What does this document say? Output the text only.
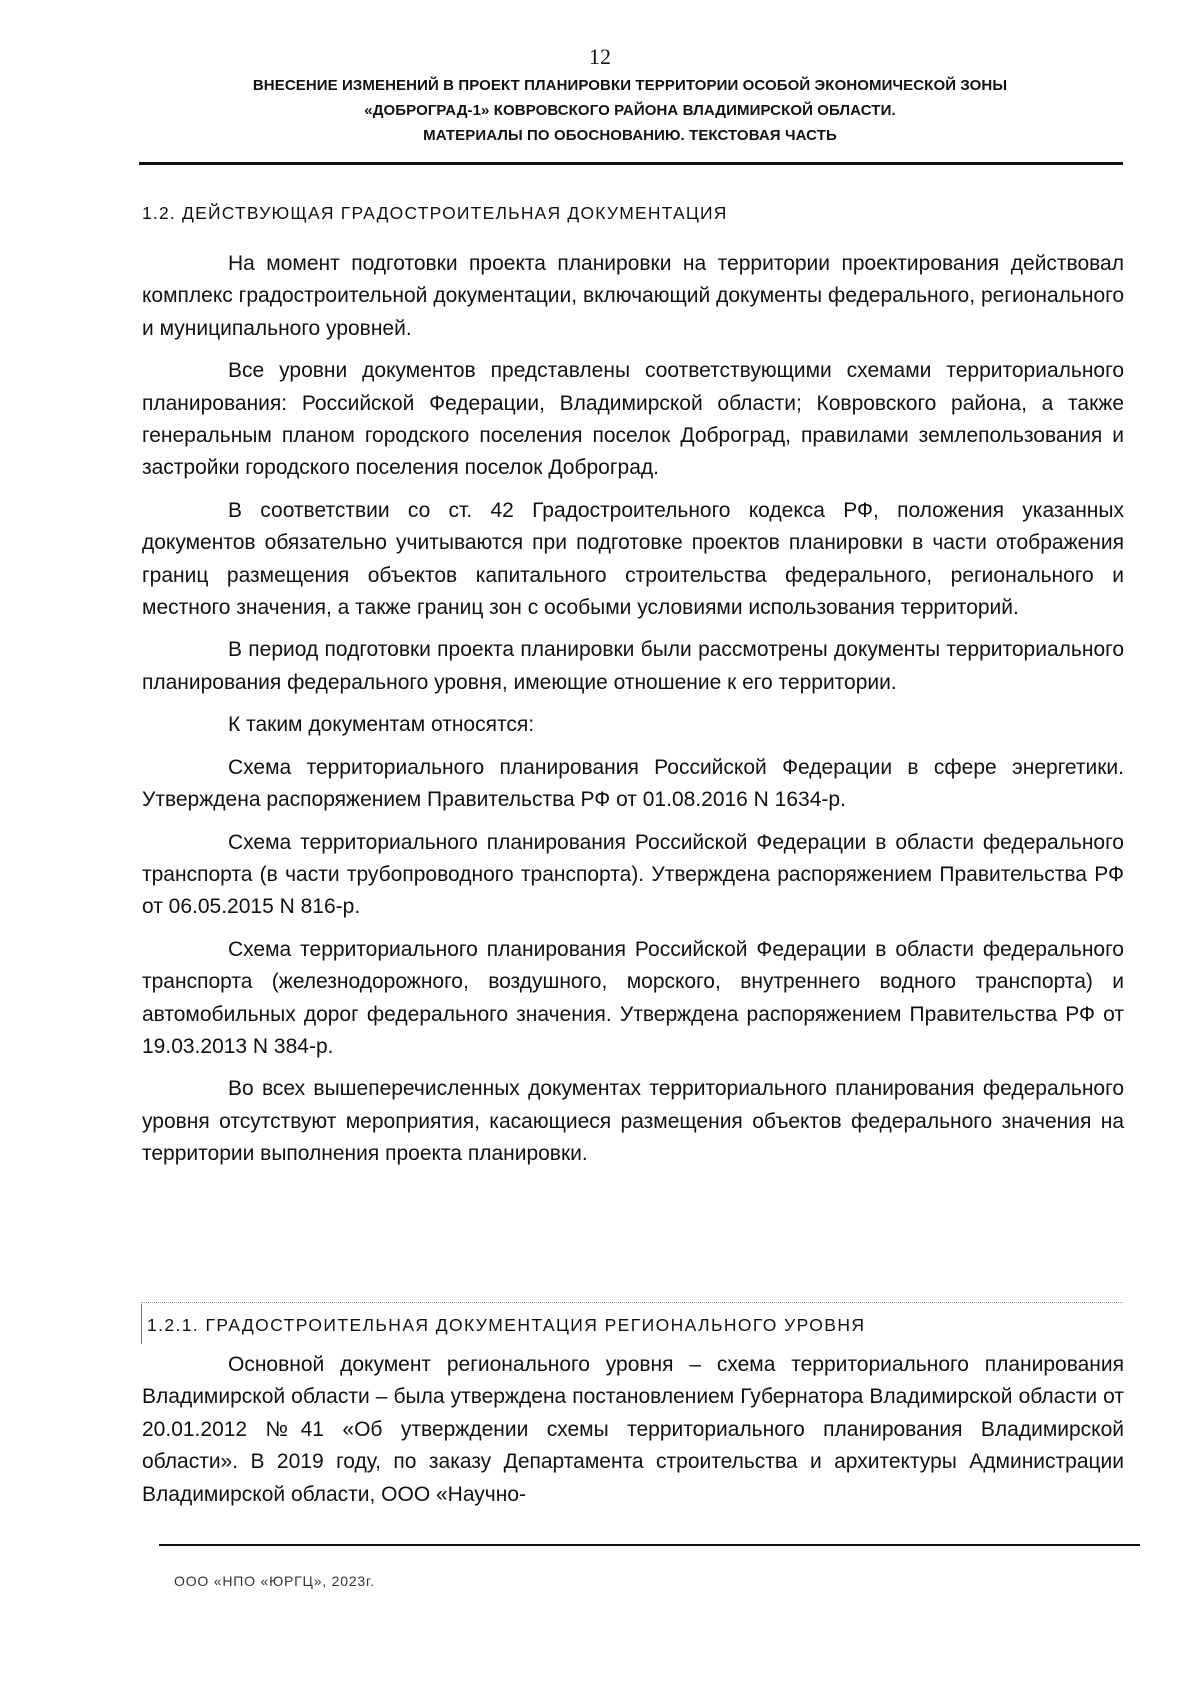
12
ВНЕСЕНИЕ ИЗМЕНЕНИЙ В ПРОЕКТ ПЛАНИРОВКИ ТЕРРИТОРИИ ОСОБОЙ ЭКОНОМИЧЕСКОЙ ЗОНЫ
«ДОБРОГРАД-1» КОВРОВСКОГО РАЙОНА ВЛАДИМИРСКОЙ ОБЛАСТИ.
МАТЕРИАЛЫ ПО ОБОСНОВАНИЮ. ТЕКСТОВАЯ ЧАСТЬ
1.2. ДЕЙСТВУЮЩАЯ ГРАДОСТРОИТЕЛЬНАЯ ДОКУМЕНТАЦИЯ

На момент подготовки проекта планировки на территории проектирования действовал комплекс градостроительной документации, включающий документы федерального, регионального и муниципального уровней.

Все уровни документов представлены соответствующими схемами территориального планирования: Российской Федерации, Владимирской области; Ковровского района, а также генеральным планом городского поселения поселок Доброград, правилами землепользования и застройки городского поселения поселок Доброград.

В соответствии со ст. 42 Градостроительного кодекса РФ, положения указанных документов обязательно учитываются при подготовке проектов планировки в части отображения границ размещения объектов капитального строительства федерального, регионального и местного значения, а также границ зон с особыми условиями использования территорий.

В период подготовки проекта планировки были рассмотрены документы территориального планирования федерального уровня, имеющие отношение к его территории.

К таким документам относятся:

Схема территориального планирования Российской Федерации в сфере энергетики. Утверждена распоряжением Правительства РФ от 01.08.2016 N 1634-р.

Схема территориального планирования Российской Федерации в области федерального транспорта (в части трубопроводного транспорта). Утверждена распоряжением Правительства РФ от 06.05.2015 N 816-р.

Схема территориального планирования Российской Федерации в области федерального транспорта (железнодорожного, воздушного, морского, внутреннего водного транспорта) и автомобильных дорог федерального значения. Утверждена распоряжением Правительства РФ от 19.03.2013 N 384-р.

Во всех вышеперечисленных документах территориального планирования федерального уровня отсутствуют мероприятия, касающиеся размещения объектов федерального значения на территории выполнения проекта планировки.

1.2.1. ГРАДОСТРОИТЕЛЬНАЯ ДОКУМЕНТАЦИЯ РЕГИОНАЛЬНОГО УРОВНЯ

Основной документ регионального уровня – схема территориального планирования Владимирской области – была утверждена постановлением Губернатора Владимирской области от 20.01.2012 №41 «Об утверждении схемы территориального планирования Владимирской области». В 2019 году, по заказу Департамента строительства и архитектуры Администрации Владимирской области, ООО «Научно-

ООО «НПО «ЮРГЦ», 2023г.
